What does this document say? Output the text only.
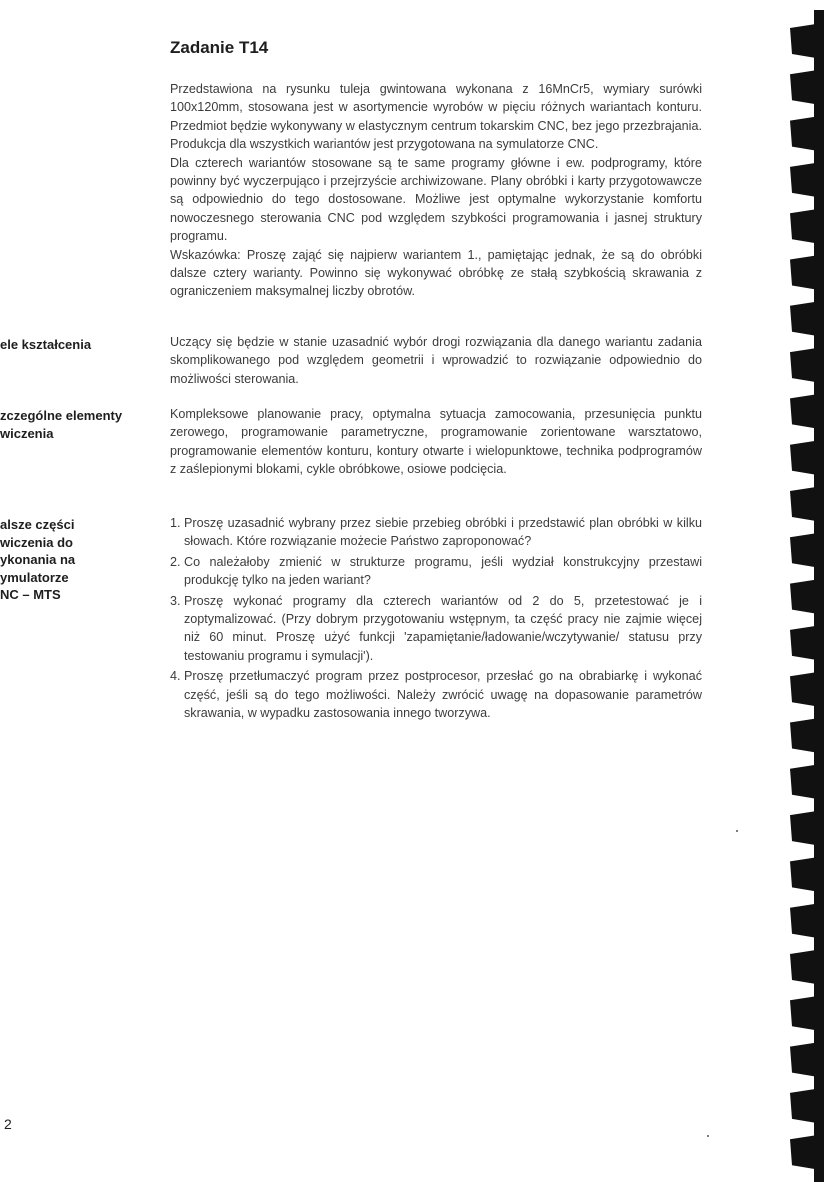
Zadanie T14

Przedstawiona na rysunku tuleja gwintowana wykonana z 16MnCr5, wymiary surówki 100x120mm, stosowana jest w asortymencie wyrobów w pięciu różnych wariantach konturu. Przedmiot będzie wykonywany w elastycznym centrum tokarskim CNC, bez jego przezbrajania. Produkcja dla wszystkich wariantów jest przygotowana na symulatorze CNC.

Dla czterech wariantów stosowane są te same programy główne i ew. podprogramy, które powinny być wyczerpująco i przejrzyście archiwizowane. Plany obróbki i karty przygotowawcze są odpowiednio do tego dostosowane. Możliwe jest optymalne wykorzystanie komfortu nowoczesnego sterowania CNC pod względem szybkości programowania i jasnej struktury programu.

Wskazówka: Proszę zająć się najpierw wariantem 1., pamiętając jednak, że są do obróbki dalsze cztery warianty. Powinno się wykonywać obróbkę ze stałą szybkością skrawania z ograniczeniem maksymalnej liczby obrotów.

ele kształcenia	Uczący się będzie w stanie uzasadnić wybór drogi rozwiązania dla danego wariantu zadania skomplikowanego pod względem geometrii i wprowadzić to rozwiązanie odpowiednio do możliwości sterowania.
zczególne elementy
wiczenia
Kompleksowe planowanie pracy, optymalna sytuacja zamocowania, przesunięcia punktu zerowego, programowanie parametryczne, programowanie zorientowane warsztatowo, programowanie elementów konturu, kontury otwarte i wielopunktowe, technika podprogramów z zaślepionymi blokami, cykle obróbkowe, osiowe podcięcia.
alsze części
wiczenia do
ykonania na
ymulatorze
NC – MTS
1. Proszę uzasadnić wybrany przez siebie przebieg obróbki i przedstawić plan obróbki w kilku słowach. Które rozwiązanie możecie Państwo zaproponować?
2. Co należałoby zmienić w strukturze programu, jeśli wydział konstrukcyjny przestawi produkcję tylko na jeden wariant?
3. Proszę wykonać programy dla czterech wariantów od 2 do 5, przetestować je i zoptymalizować. (Przy dobrym przygotowaniu wstępnym, ta część pracy nie zajmie więcej niż 60 minut. Proszę użyć funkcji 'zapamiętanie/ładowanie/wczytywanie/ statusu przy testowaniu programu i symulacji').
4. Proszę przetłumaczyć program przez postprocesor, przesłać go na obrabiarkę i wykonać część, jeśli są do tego możliwości. Należy zwrócić uwagę na dopasowanie parametrów skrawania, w wypadku zastosowania innego tworzywa.
2
